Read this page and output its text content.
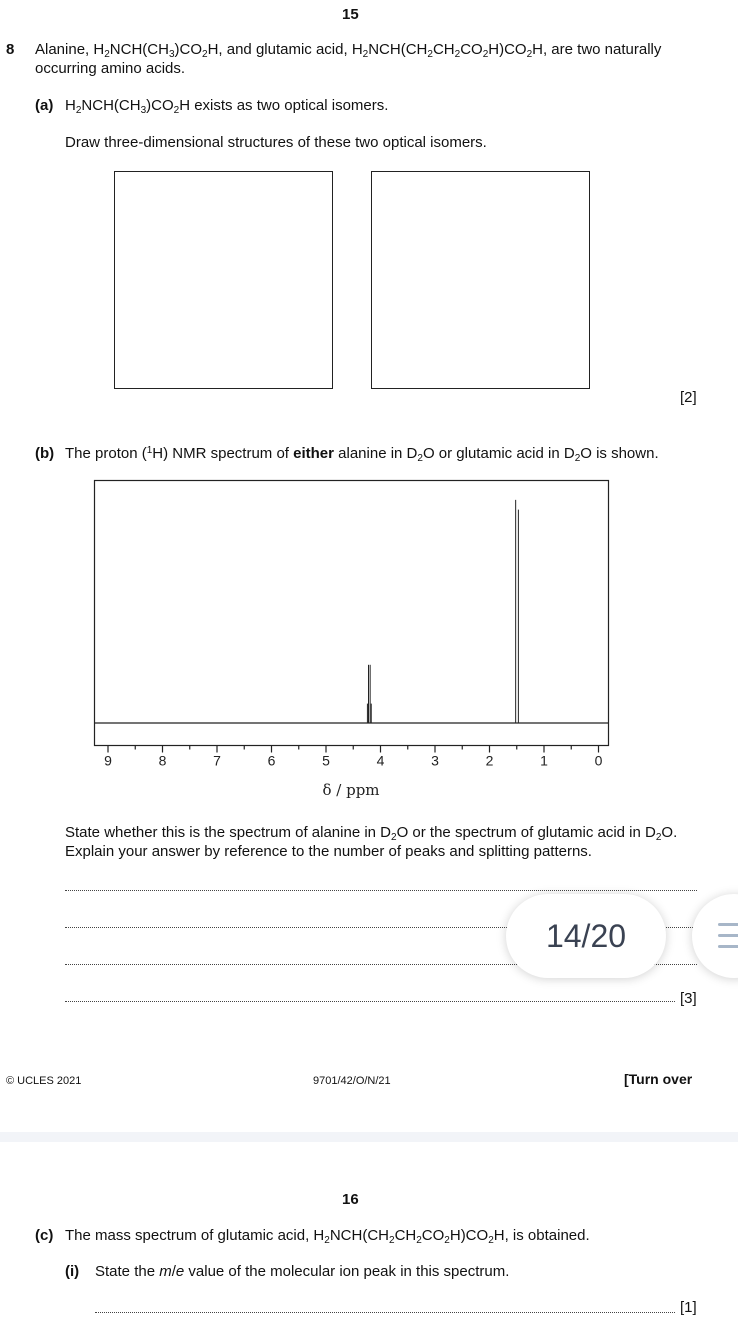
15
8 Alanine, $H_2NCH(CH_3)CO_2H$, and glutamic acid, $H_2NCH(CH_2CH_2CO_2H)CO_2H$, are two naturally
occurring amino acids.
(a) $H_2NCH(CH_3)CO_2H$ exists as two optical isomers.
Draw three-dimensional structures of these two optical isomers.
[2]
(b) The proton ($^1$H) NMR spectrum of either alanine in $D_2O$ or glutamic acid in $D_2O$ is shown.
9	8	7	6	5	4	3	2	1	0
δ / ppm
State whether this is the spectrum of alanine in $D_2O$ or the spectrum of glutamic acid in $D_2O$.
Explain your answer by reference to the number of peaks and splitting patterns.
[3]
14/20
© UCLES 2021	9701/42/O/N/21	[Turn over
16
(c) The mass spectrum of glutamic acid, $H_2NCH(CH_2CH_2CO_2H)CO_2H$, is obtained.
(i) State the m/e value of the molecular ion peak in this spectrum.
[1]
